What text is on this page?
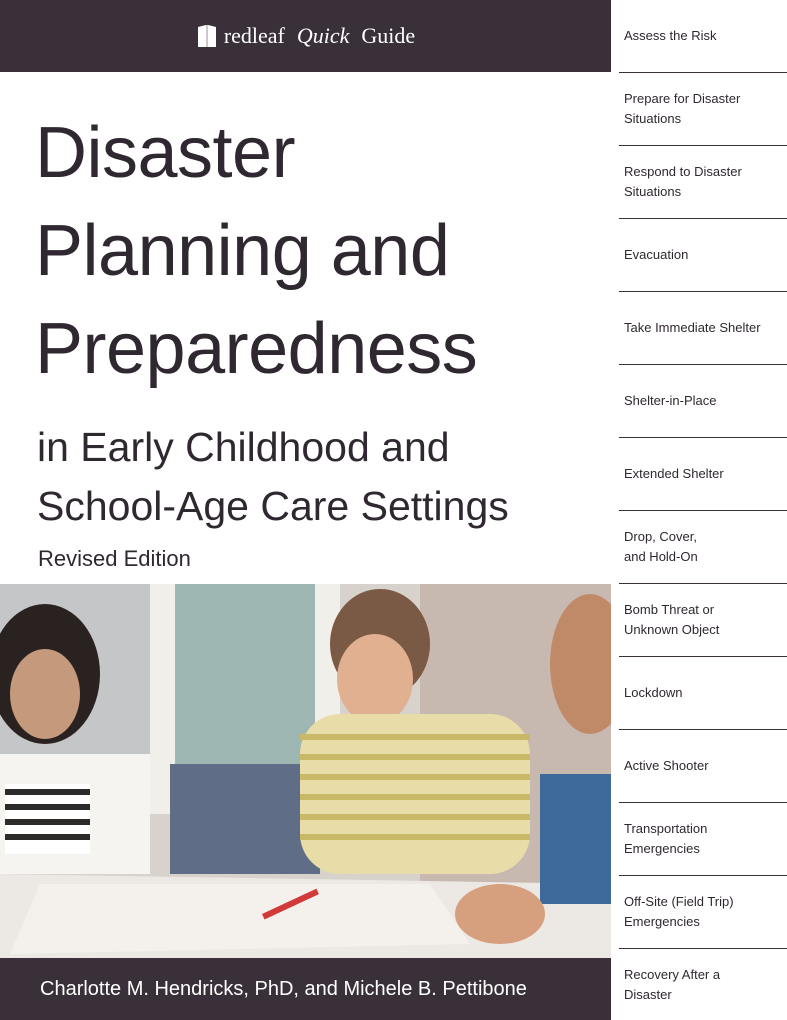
redleaf Quick Guide
Disaster
Planning and
Preparedness
in Early Childhood and
School-Age Care Settings
Revised Edition
Charlotte M. Hendricks, PhD, and Michele B. Pettibone
Assess the Risk

Prepare for Disaster
Situations
Respond to Disaster
Situations
Evacuation
Take Immediate Shelter
Shelter-in-Place
Extended Shelter
Drop, Cover,
and Hold-On
Bomb Threat or
Unknown Object
Lockdown
Active Shooter
Transportation
Emergencies
Off-Site (Field Trip)
Emergencies
Recovery After a
Disaster
